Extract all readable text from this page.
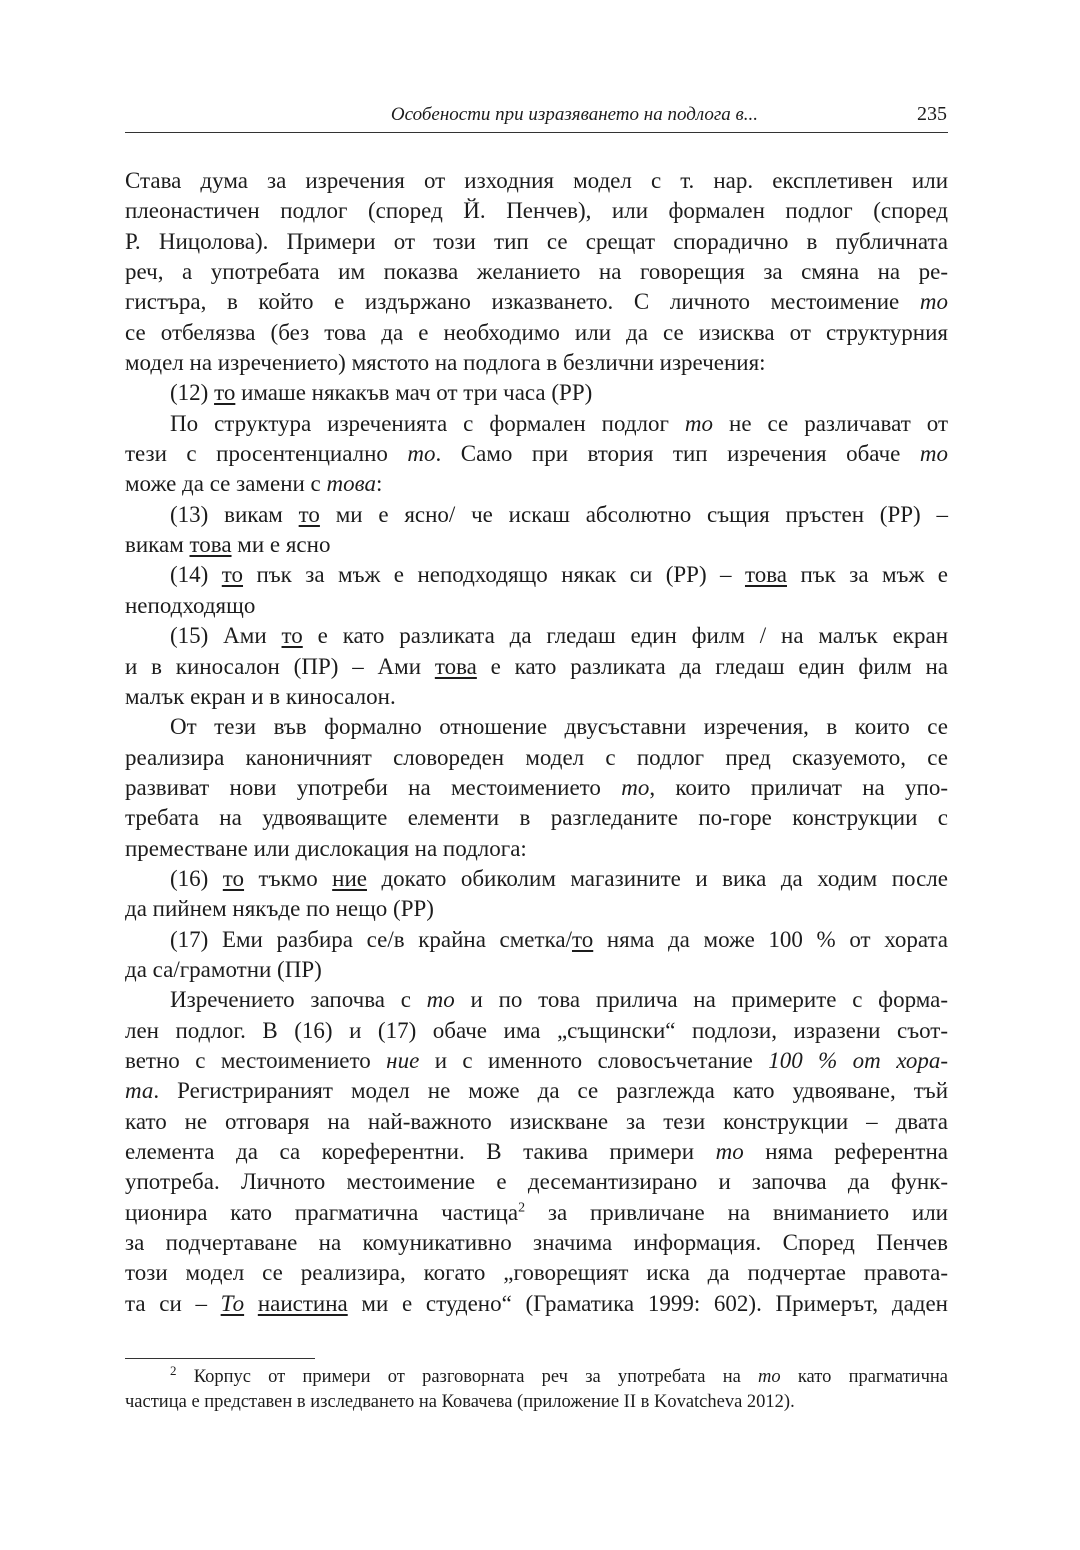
Особености при изразяването на подлога в...	235
Става дума за изречения от изходния модел с т. нар. експлетивен или
плеонастичен подлог (според Й. Пенчев), или формален подлог (според
Р. Ницолова). Примери от този тип се срещат спорадично в публичната
реч, а употребата им показва желанието на говорещия за смяна на ре-
гистъра, в който е издържано изказването. С личното местоимение то
се отбелязва (без това да е необходимо или да се изисква от структурния
модел на изречението) мястото на подлога в безлични изречения:
(12) то имаше някакъв мач от три часа (РР)
По структура изреченията с формален подлог то не се различават от
тези с просентенциално то. Само при втория тип изречения обаче то
може да се замени с това:
(13) викам то ми е ясно/ че искаш абсолютно същия пръстен (РР) –
викам това ми е ясно
(14) то пък за мъж е неподходящо някак си (РР) – това пък за мъж е
неподходящо
(15) Ами то е като разликата да гледаш един филм / на малък екран
и в киносалон (ПР) – Ами това е като разликата да гледаш един филм на
малък екран и в киносалон.
От тези във формално отношение двусъставни изречения, в които се
реализира каноничният словореден модел с подлог пред сказуемото, се
развиват нови употреби на местоимението то, които приличат на упо-
требата на удвояващите елементи в разгледаните по-горе конструкции с
преместване или дислокация на подлога:
(16) то тъкмо ние докато обиколим магазините и вика да ходим после
да пийнем някъде по нещо (РР)
(17) Еми разбира се/в крайна сметка/то няма да може 100 % от хората
да са/грамотни (ПР)
Изречението започва с то и по това прилича на примерите с форма-
лен подлог. В (16) и (17) обаче има „същински“ подлози, изразени съот-
ветно с местоимението ние и с именното словосъчетание 100 % от хора-
та. Регистрираният модел не може да се разглежда като удвояване, тъй
като не отговаря на най-важното изискване за тези конструкции – двата
елемента да са кореферентни. В такива примери то няма референтна
употреба. Личното местоимение е десемантизирано и започва да функ-
ционира като прагматична частица$^2$ за привличане на вниманието или
за подчертаване на комуникативно значима информация. Според Пенчев
този модел се реализира, когато „говорещият иска да подчертае правота-
та си – То наистина ми е студено“ (Граматика 1999: 602). Примерът, даден
$^2$ Корпус от примери от разговорната реч за употребата на то като прагматична
частица е представен в изследването на Ковачева (приложение II в Kovatcheva 2012).
